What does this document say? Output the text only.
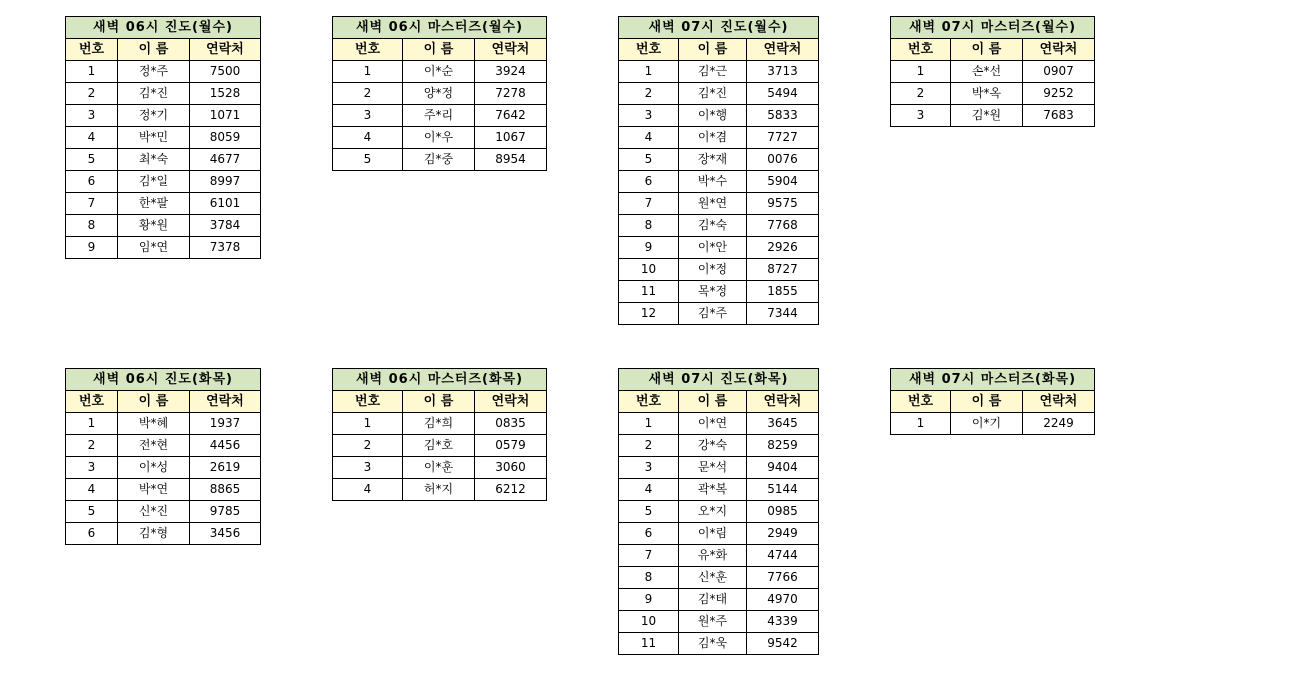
새벽 06시 진도(월수)		
번호	이 름	연락처
1	정*주	7500
2	김*진	1528
3	정*기	1071
4	박*민	8059
5	최*숙	4677
6	김*일	8997
7	한*팔	6101
8	황*원	3784
9	임*연	7378
새벽 06시 마스터즈(월수)		
번호	이 름	연락처
1	이*순	3924
2	양*정	7278
3	주*리	7642
4	이*우	1067
5	김*중	8954
새벽 07시 진도(월수)		
번호	이 름	연락처
1	김*근	3713
2	김*진	5494
3	이*행	5833
4	이*겸	7727
5	장*재	0076
6	박*수	5904
7	원*연	9575
8	김*숙	7768
9	이*안	2926
10	이*정	8727
11	목*정	1855
12	김*주	7344
새벽 07시 마스터즈(월수)		
번호	이 름	연락처
1	손*선	0907
2	박*옥	9252
3	김*원	7683
새벽 06시 진도(화목)		
번호	이 름	연락처
1	박*혜	1937
2	전*현	4456
3	이*성	2619
4	박*연	8865
5	신*진	9785
6	김*형	3456
새벽 06시 마스터즈(화목)		
번호	이 름	연락처
1	김*희	0835
2	김*호	0579
3	이*훈	3060
4	허*지	6212
새벽 07시 진도(화목)		
번호	이 름	연락처
1	이*연	3645
2	강*숙	8259
3	문*석	9404
4	곽*복	5144
5	오*지	0985
6	이*림	2949
7	유*화	4744
8	신*훈	7766
9	김*태	4970
10	원*주	4339
11	김*욱	9542
새벽 07시 마스터즈(화목)		
번호	이 름	연락처
1	이*기	2249
